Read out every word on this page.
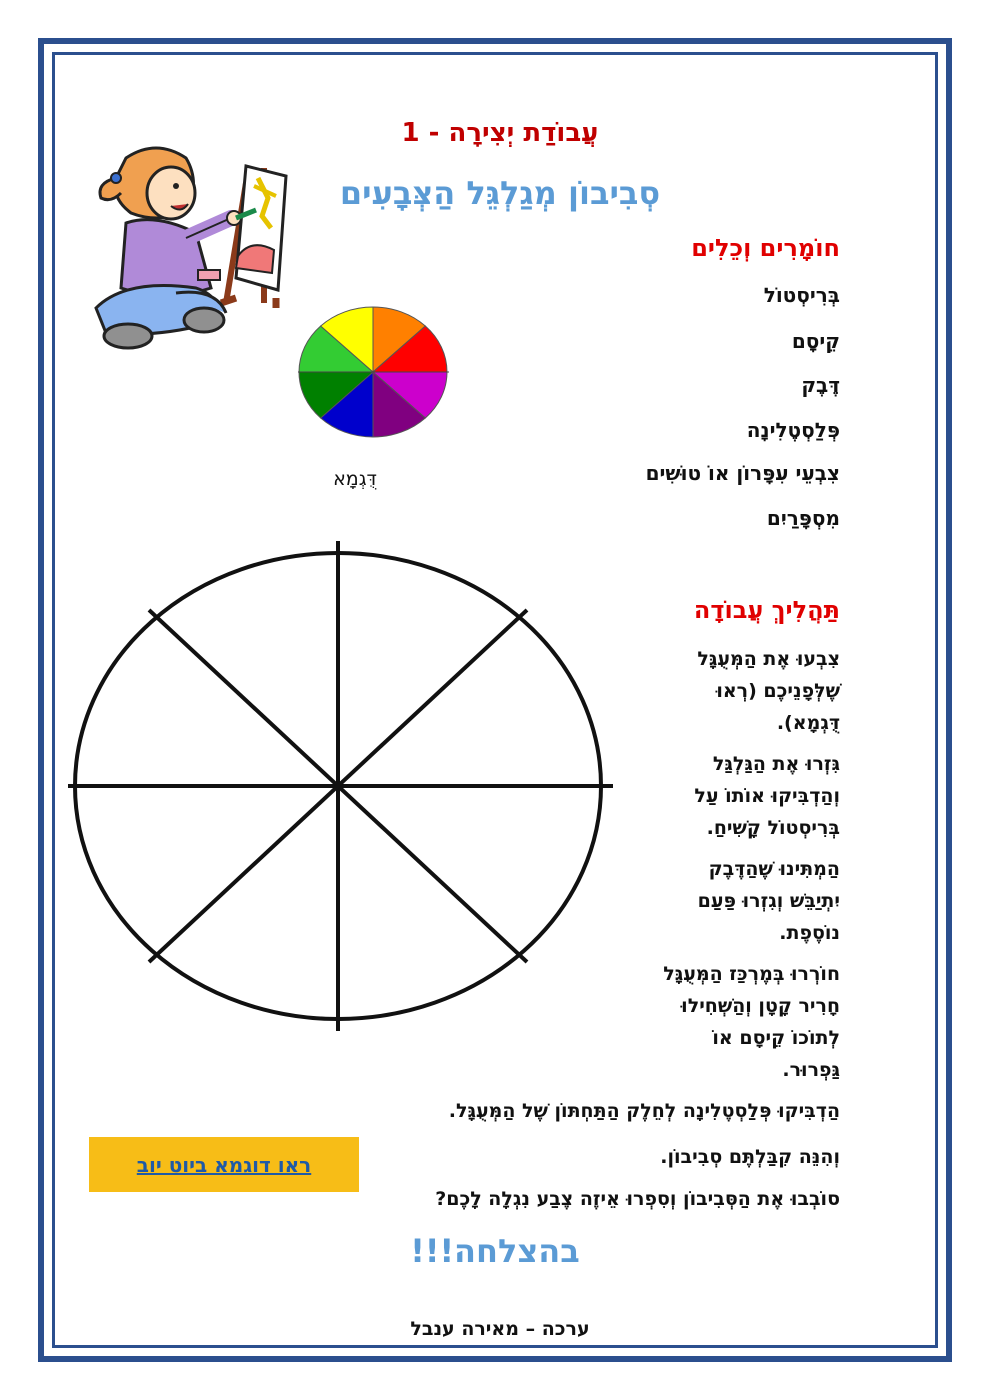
עֲבוֹדַת יְצִירָה - 1
סְבִיבוֹן מְגַלְגֵּל הַצְּבָעִים
דֻּגְמָא
חוֹמָרִים וְכֵלִים
בְּרִיסְטוֹל
קֵיסָם
דֶּבֶק
פְּלַסְטֶלִינָה
צִבְעֵי עִפָּרוֹן אוֹ טוּשִׁים
מִסְפָּרַיִם
תַּהֲלִיךְ עֲבוֹדָה
צִבְעוּ אֶת הַמְּעֻגָּל
שֶׁלְּפָנֵיכֶם (רְאוּ
דֻּגְמָא).
גִּזְרוּ אֶת הַגַּלְגַּל
וְהַדְבִּיקוּ אוֹתוֹ עַל
בְּרִיסְטוֹל קָשִׁיחַ.
הַמְתִּינוּ שֶׁהַדֶּבֶק
יִתְיַבֵּשׁ וְגִזְרוּ פַּעַם
נוֹסֶפֶת.
חוֹרְרוּ בְּמֶרְכַּז הַמְּעֻגָּל
חָרִיר קָטָן וְהַשְׁחִילוּ
לְתוֹכוֹ קֵיסָם אוֹ
גַּפְרוּר.
הַדְבִּיקוּ פְּלַסְטֶלִינָה לְחֵלֶק הַתַּחְתּוֹן שֶׁל הַמְּעֻגָּל.
וְהִנֵּה קִבַּלְתֶּם סְבִיבוֹן.
סוֹבְבוּ אֶת הַסְּבִיבוֹן וְסִפְרוּ אֵיזֶה צֶבַע נִגְלָה לָכֶם?
ראו דוגמא ביוט יוב
בהצלחה!!!
ערכה – מאירה ענבל
